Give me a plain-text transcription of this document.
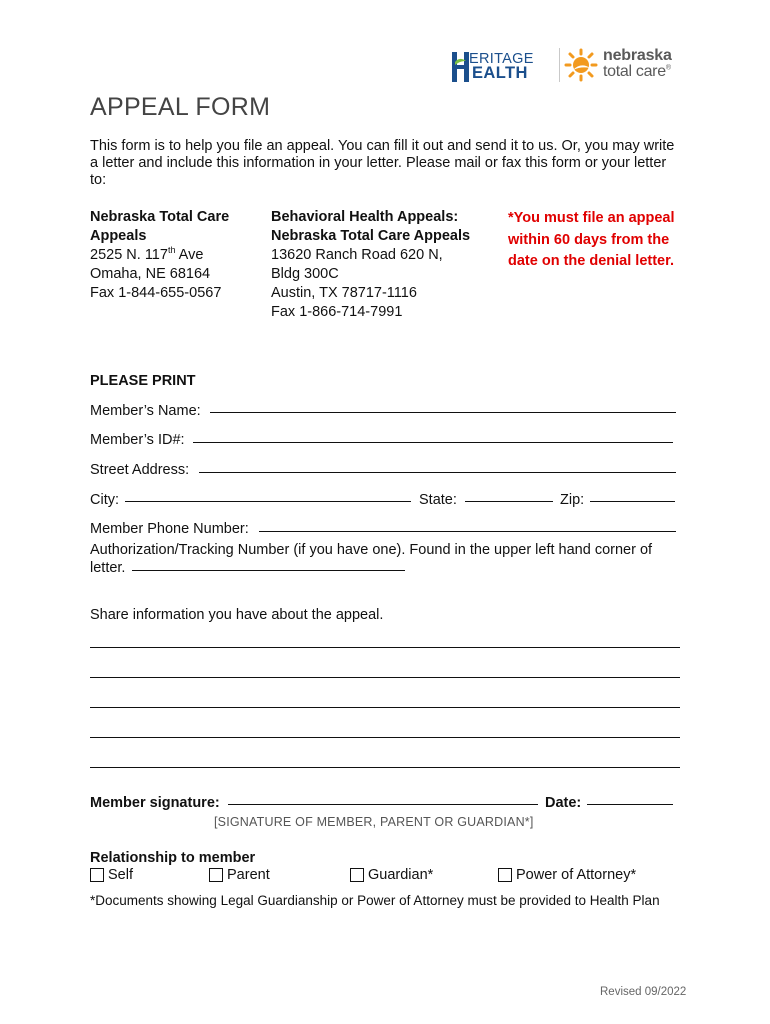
ERITAGE
EALTH
nebraska
total care®
APPEAL FORM
This form is to help you file an appeal. You can fill it out and send it to us. Or, you may write a letter and include this information in your letter. Please mail or fax this form or your letter to:
Nebraska Total Care Appeals
2525 N. 117th Ave
Omaha, NE 68164
Fax 1-844-655-0567
Behavioral Health Appeals:
Nebraska Total Care Appeals
13620 Ranch Road 620 N,
Bldg 300C
Austin, TX 78717-1116
Fax 1-866-714-7991
*You must file an appeal within 60 days from the date on the denial letter.
PLEASE PRINT
Member’s Name:
Member’s ID#:
Street Address:
City:	State:	Zip:
Member Phone Number:
Authorization/Tracking Number (if you have one). Found in the upper left hand corner of
letter.
Share information you have about the appeal.
Member signature:	Date:
[SIGNATURE OF MEMBER, PARENT OR GUARDIAN*]
Relationship to member
Self	Parent	Guardian*	Power of Attorney*
*Documents showing Legal Guardianship or Power of Attorney must be provided to Health Plan
Revised 09/2022
